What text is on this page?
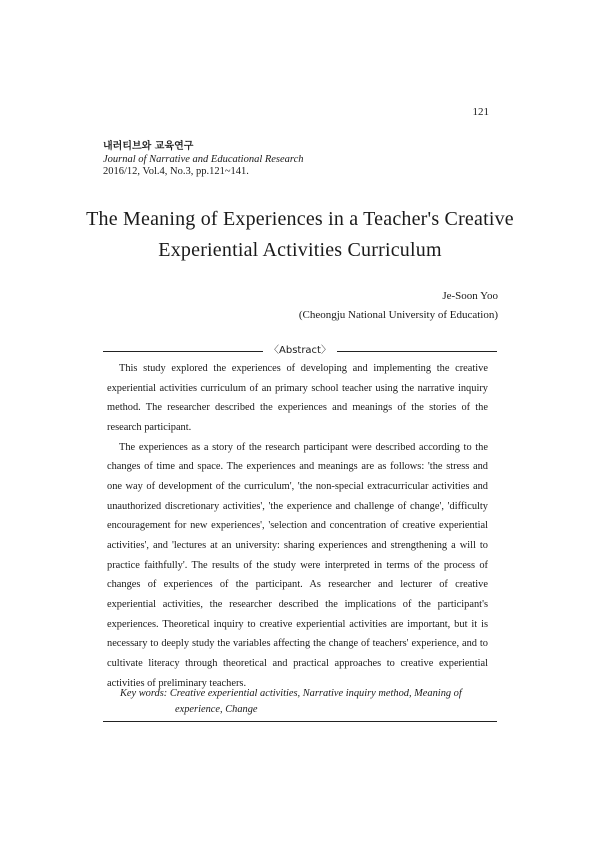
121
내러티브와 교육연구
Journal of Narrative and Educational Research
2016/12, Vol.4, No.3, pp.121~141.
The Meaning of Experiences in a Teacher's Creative
Experiential Activities Curriculum
Je-Soon Yoo
(Cheongju National University of Education)
〈Abstract〉

This study explored the experiences of developing and implementing the creative experiential activities curriculum of an primary school teacher using the narrative inquiry method. The researcher described the experiences and meanings of the stories of the research participant.

The experiences as a story of the research participant were described according to the changes of time and space. The experiences and meanings are as follows: 'the stress and one way of development of the curriculum', 'the non-special extracurricular activities and unauthorized discretionary activities', 'the experience and challenge of change', 'difficulty encouragement for new experiences', 'selection and concentration of creative experiential activities', and 'lectures at an university: sharing experiences and strengthening a will to practice faithfully'. The results of the study were interpreted in terms of the process of changes of experiences of the participant. As researcher and lecturer of creative experiential activities, the researcher described the implications of the participant's experiences. Theoretical inquiry to creative experiential activities are important, but it is necessary to deeply study the variables affecting the change of teachers' experience, and to cultivate literacy through theoretical and practical approaches to creative experiential activities of preliminary teachers.

Key words: Creative experiential activities, Narrative inquiry method, Meaning of
experience, Change
